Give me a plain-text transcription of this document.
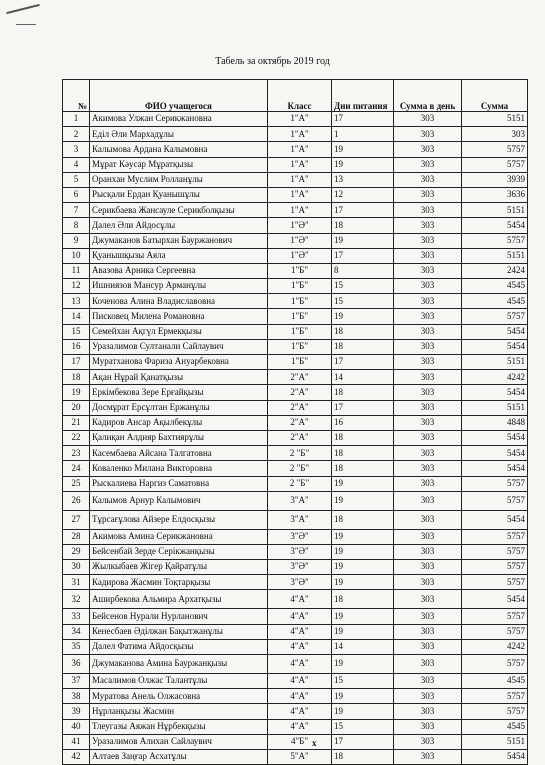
Табель за октябрь 2019 год
№	ФИО учащегося	Класс	Дни питания	Сумма в день	Сумма
1	Акимова Улжан Серикжановна	1"А"	17	303	5151
2	Еділ Әли Мархадұлы	1"А"	1	303	303
3	Калымова Ардана Калымовна	1"А"	19	303	5757
4	Мұрат Кәусар Мұратқызы	1"А"	19	303	5757
5	Оранхан Муслим Ролланұлы	1"А"	13	303	3939
6	Рысқали Ердан Қуанышұлы	1"А"	12	303	3636
7	Серикбаева Жансауле Серикболқызы	1"А"	17	303	5151
8	Далел Әли Айдосұлы	1"Ә"	18	303	5454
9	Джумаканов Батырхан Бауржанович	1"Ә"	19	303	5757
10	Қуанышқызы Аяла	1"Ә"	17	303	5151
11	Авазова Арника Сергеевна	1"Б"	8	303	2424
12	Ишниязов Мансур Арманұлы	1"Б"	15	303	4545
13	Коченова Алина Владиславовна	1"Б"	15	303	4545
14	Писковец Милена Романовна	1"Б"	19	303	5757
15	Семейхан Ақгүл Ермекқызы	1"Б"	18	303	5454
16	Уразалимов Султанали Сайлаувич	1"Б"	18	303	5454
17	Муратханова Фариза Ануарбековна	1"Б"	17	303	5151
18	Ақан Нұрай Қанатқызы	2"А"	14	303	4242
19	Еркімбекова Зере Ерғайқызы	2"А"	18	303	5454
20	Досмұрат Ерсұлтан Ержанұлы	2"А"	17	303	5151
21	Кадиров Ансар Ақылбекұлы	2"А"	16	303	4848
22	Қалиқан Алдияр Бахтиярұлы	2"А"	18	303	5454
23	Касембаева Айсана Талгатовна	2 "Б"	18	303	5454
24	Коваленко Милана Викторовна	2 "Б"	18	303	5454
25	Рыскалиева Наргиз Саматовна	2 "Б"	19	303	5757
26	Калымов Арнур Калымович	3"А"	19	303	5757
27	Тұрсағұлова Айзере Елдосқызы	3"А"	18	303	5454
28	Акимова Амина Серикжановна	3"Ә"	19	303	5757
29	Бейсенбай Зерде Серікжанқызы	3"Ә"	19	303	5757
30	Жылкыбаев Жігер Қайратұлы	3"Ә"	19	303	5757
31	Кадирова Жасмин Тоқтарқызы	3"Ә"	19	303	5757
32	Аширбекова Альмира Архатқызы	4"А"	18	303	5454
33	Бейсенов Нурали Нурланович	4"А"	19	303	5757
34	Кенесбаев Әділжан Бақытжанұлы	4"А"	19	303	5757
35	Далел Фатима Айдосқызы	4"А"	14	303	4242
36	Джумаканова Амина Бауржанқызы	4"А"	19	303	5757
37	Масалимов Олжас Талантұлы	4"А"	15	303	4545
38	Муратова Анель Олжасовна	4"А"	19	303	5757
39	Нұрланқызы Жасмин	4"А"	19	303	5757
40	Тлеугазы Аяжан Нұрбекқызы	4"А"	15	303	4545
41	Уразалимов Алихан Сайлаувич	4"Б"	17	303	5151
42	Алтаев Заңғар Асхатұлы	5"А"	18	303	5454
x
